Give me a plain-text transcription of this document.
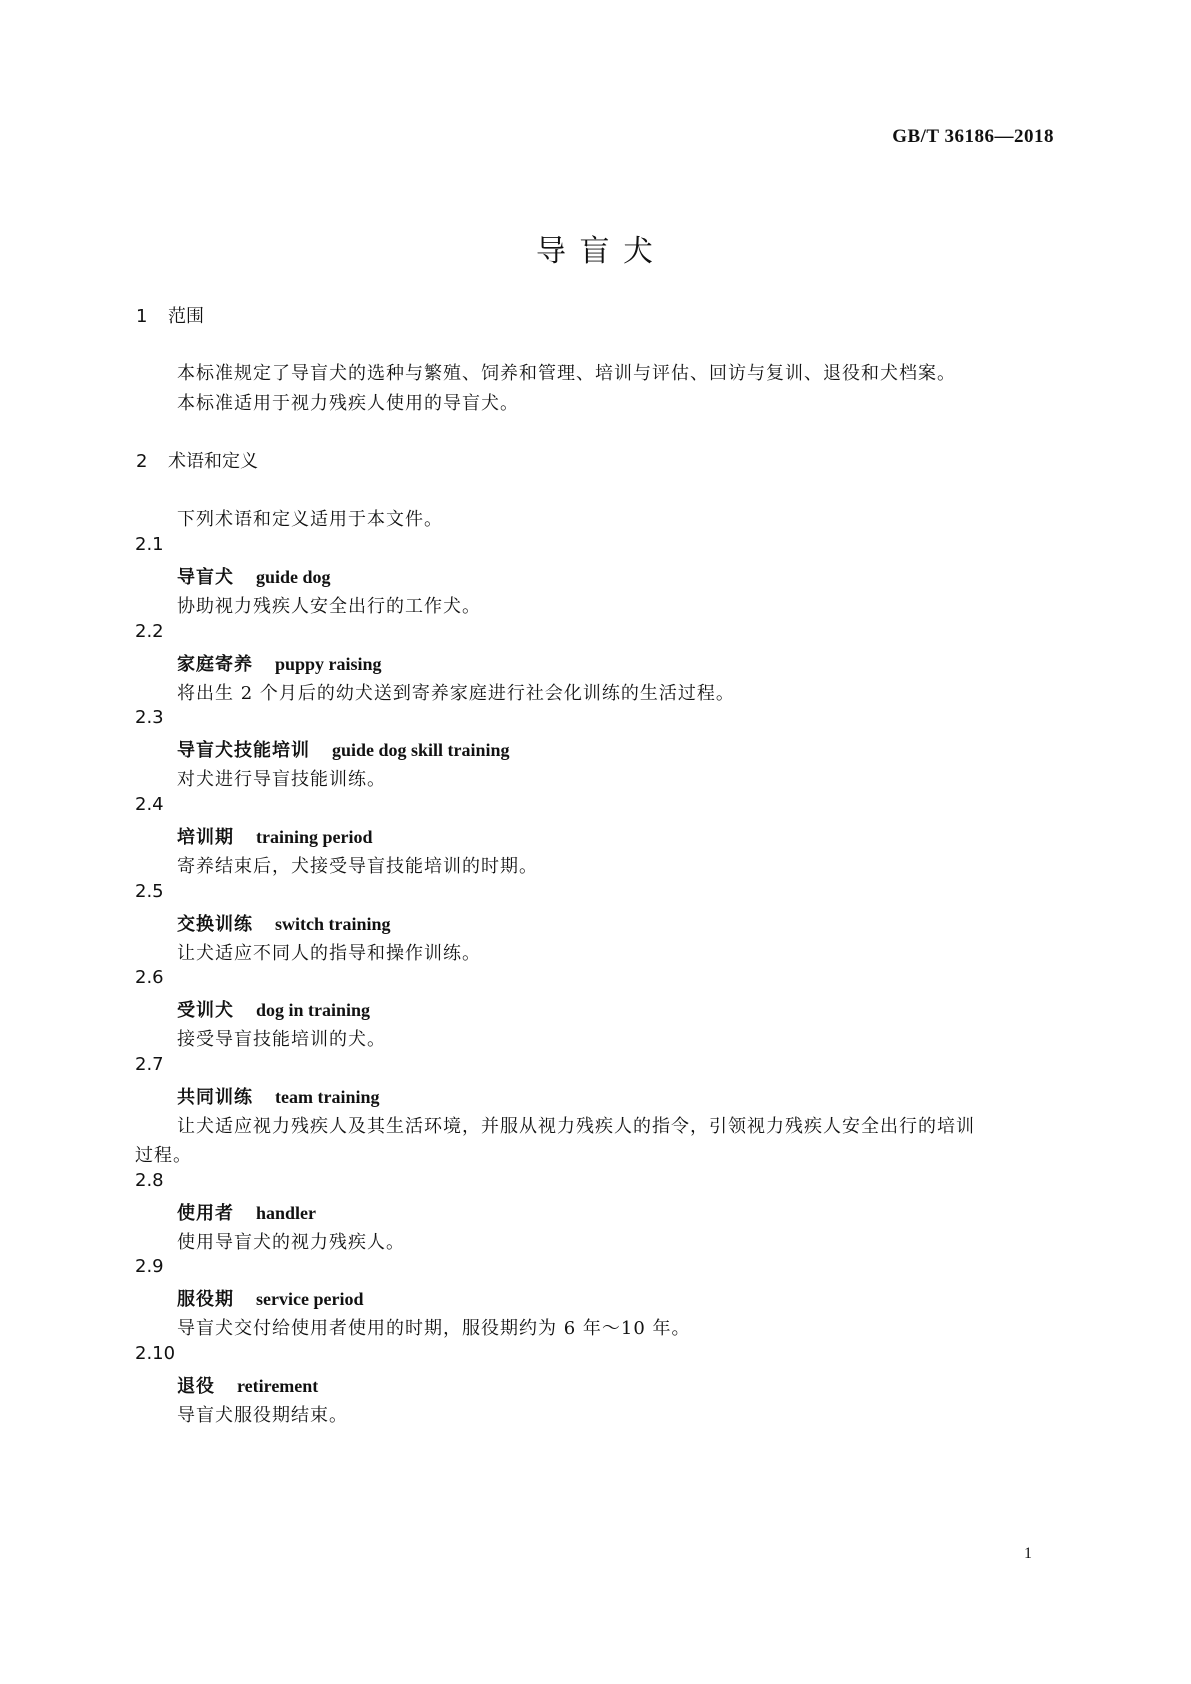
GB/T 36186—2018
导 盲 犬
1 范围
本标准规定了导盲犬的选种与繁殖、饲养和管理、培训与评估、回访与复训、退役和犬档案。
本标准适用于视力残疾人使用的导盲犬。
2 术语和定义
下列术语和定义适用于本文件。
2.1
导盲犬 guide dog
协助视力残疾人安全出行的工作犬。
2.2
家庭寄养 puppy raising
将出生 2 个月后的幼犬送到寄养家庭进行社会化训练的生活过程。
2.3
导盲犬技能培训 guide dog skill training
对犬进行导盲技能训练。
2.4
培训期 training period
寄养结束后，犬接受导盲技能培训的时期。
2.5
交换训练 switch training
让犬适应不同人的指导和操作训练。
2.6
受训犬 dog in training
接受导盲技能培训的犬。
2.7
共同训练 team training
让犬适应视力残疾人及其生活环境，并服从视力残疾人的指令，引领视力残疾人安全出行的培训
过程。
2.8
使用者 handler
使用导盲犬的视力残疾人。
2.9
服役期 service period
导盲犬交付给使用者使用的时期，服役期约为 6 年～10 年。
2.10
退役 retirement
导盲犬服役期结束。
1
